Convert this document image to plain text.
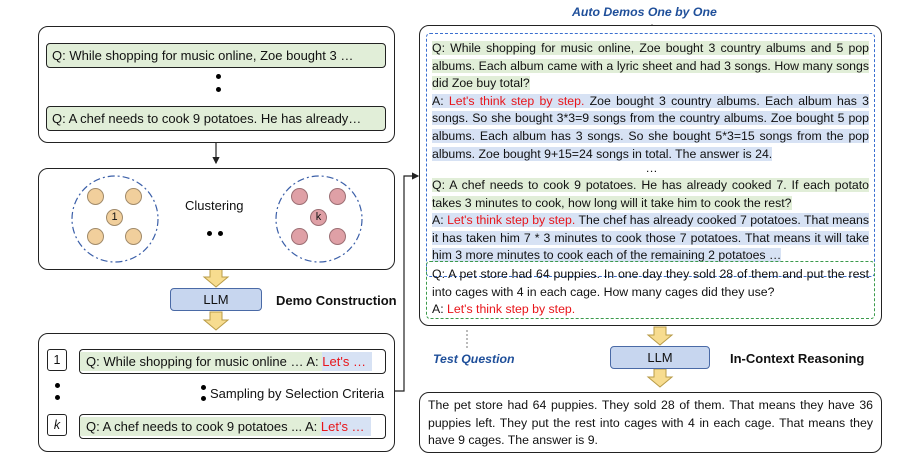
Q: While shopping for music online, Zoe bought 3 …
Q: A chef needs to cook 9 potatoes. He has already…
1	k
Clustering
LLM	Demo Construction
1	Q: While shopping for music online … A: Let's …
Sampling by Selection Criteria
k	Q: A chef needs to cook 9 potatoes ... A: Let's …
Auto Demos One by One
Q: While shopping for music online, Zoe bought 3 country albums and 5 pop albums. Each album came with a lyric sheet and had 3 songs. How many songs did Zoe buy total?
A: Let's think step by step. Zoe bought 3 country albums. Each album has 3 songs. So she bought 3*3=9 songs from the country albums. Zoe bought 5 pop albums. Each album has 3 songs. So she bought 5*3=15 songs from the pop albums. Zoe bought 9+15=24 songs in total. The answer is 24.
…
Q: A chef needs to cook 9 potatoes. He has already cooked 7. If each potato takes 3 minutes to cook, how long will it take him to cook the rest?
A: Let's think step by step. The chef has already cooked 7 potatoes. That means it has taken him 7 * 3 minutes to cook those 7 potatoes. That means it will take him 3 more minutes to cook each of the remaining 2 potatoes …
Q: A pet store had 64 puppies. In one day they sold 28 of them and put the rest into cages with 4 in each cage. How many cages did they use?
A: Let's think step by step.
Test Question	LLM	In-Context Reasoning
The pet store had 64 puppies. They sold 28 of them. That means they have 36 puppies left. They put the rest into cages with 4 in each cage. That means they have 9 cages. The answer is 9.
